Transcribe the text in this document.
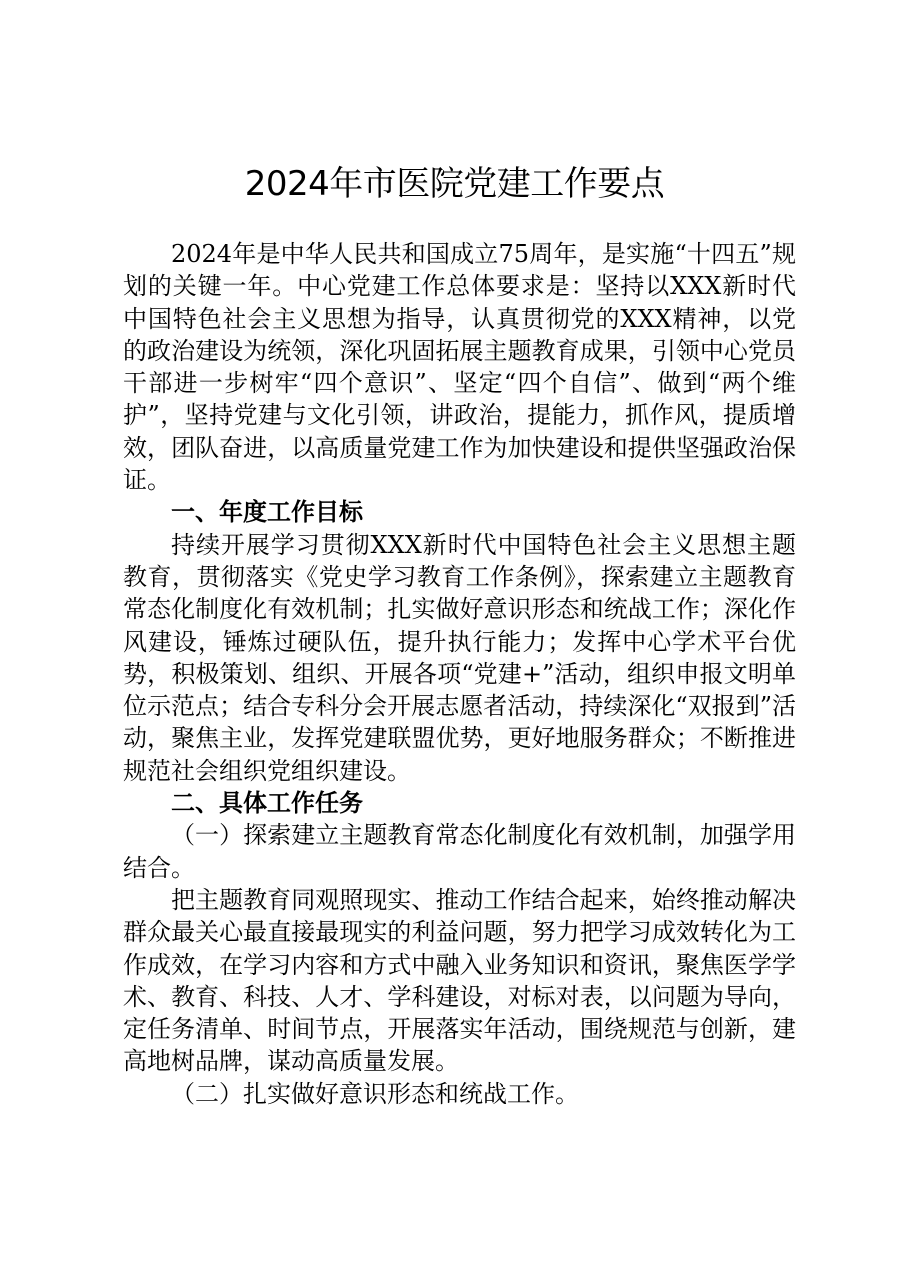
2024年市医院党建工作要点

2024年是中华人民共和国成立75周年，是实施“十四五”规划的关键一年。中心党建工作总体要求是：坚持以XXX新时代中国特色社会主义思想为指导，认真贯彻党的XXX精神，以党的政治建设为统领，深化巩固拓展主题教育成果，引领中心党员干部进一步树牢“四个意识”、坚定“四个自信”、做到“两个维护”，坚持党建与文化引领，讲政治，提能力，抓作风，提质增效，团队奋进，以高质量党建工作为加快建设和提供坚强政治保证。

一、年度工作目标

持续开展学习贯彻XXX新时代中国特色社会主义思想主题教育，贯彻落实《党史学习教育工作条例》，探索建立主题教育常态化制度化有效机制；扎实做好意识形态和统战工作；深化作风建设，锤炼过硬队伍，提升执行能力；发挥中心学术平台优势，积极策划、组织、开展各项“党建+”活动，组织申报文明单位示范点；结合专科分会开展志愿者活动，持续深化“双报到”活动，聚焦主业，发挥党建联盟优势，更好地服务群众；不断推进规范社会组织党组织建设。

二、具体工作任务

（一）探索建立主题教育常态化制度化有效机制，加强学用结合。

把主题教育同观照现实、推动工作结合起来，始终推动解决群众最关心最直接最现实的利益问题，努力把学习成效转化为工作成效，在学习内容和方式中融入业务知识和资讯，聚焦医学学术、教育、科技、人才、学科建设，对标对表，以问题为导向，定任务清单、时间节点，开展落实年活动，围绕规范与创新，建高地树品牌，谋动高质量发展。

（二）扎实做好意识形态和统战工作。
